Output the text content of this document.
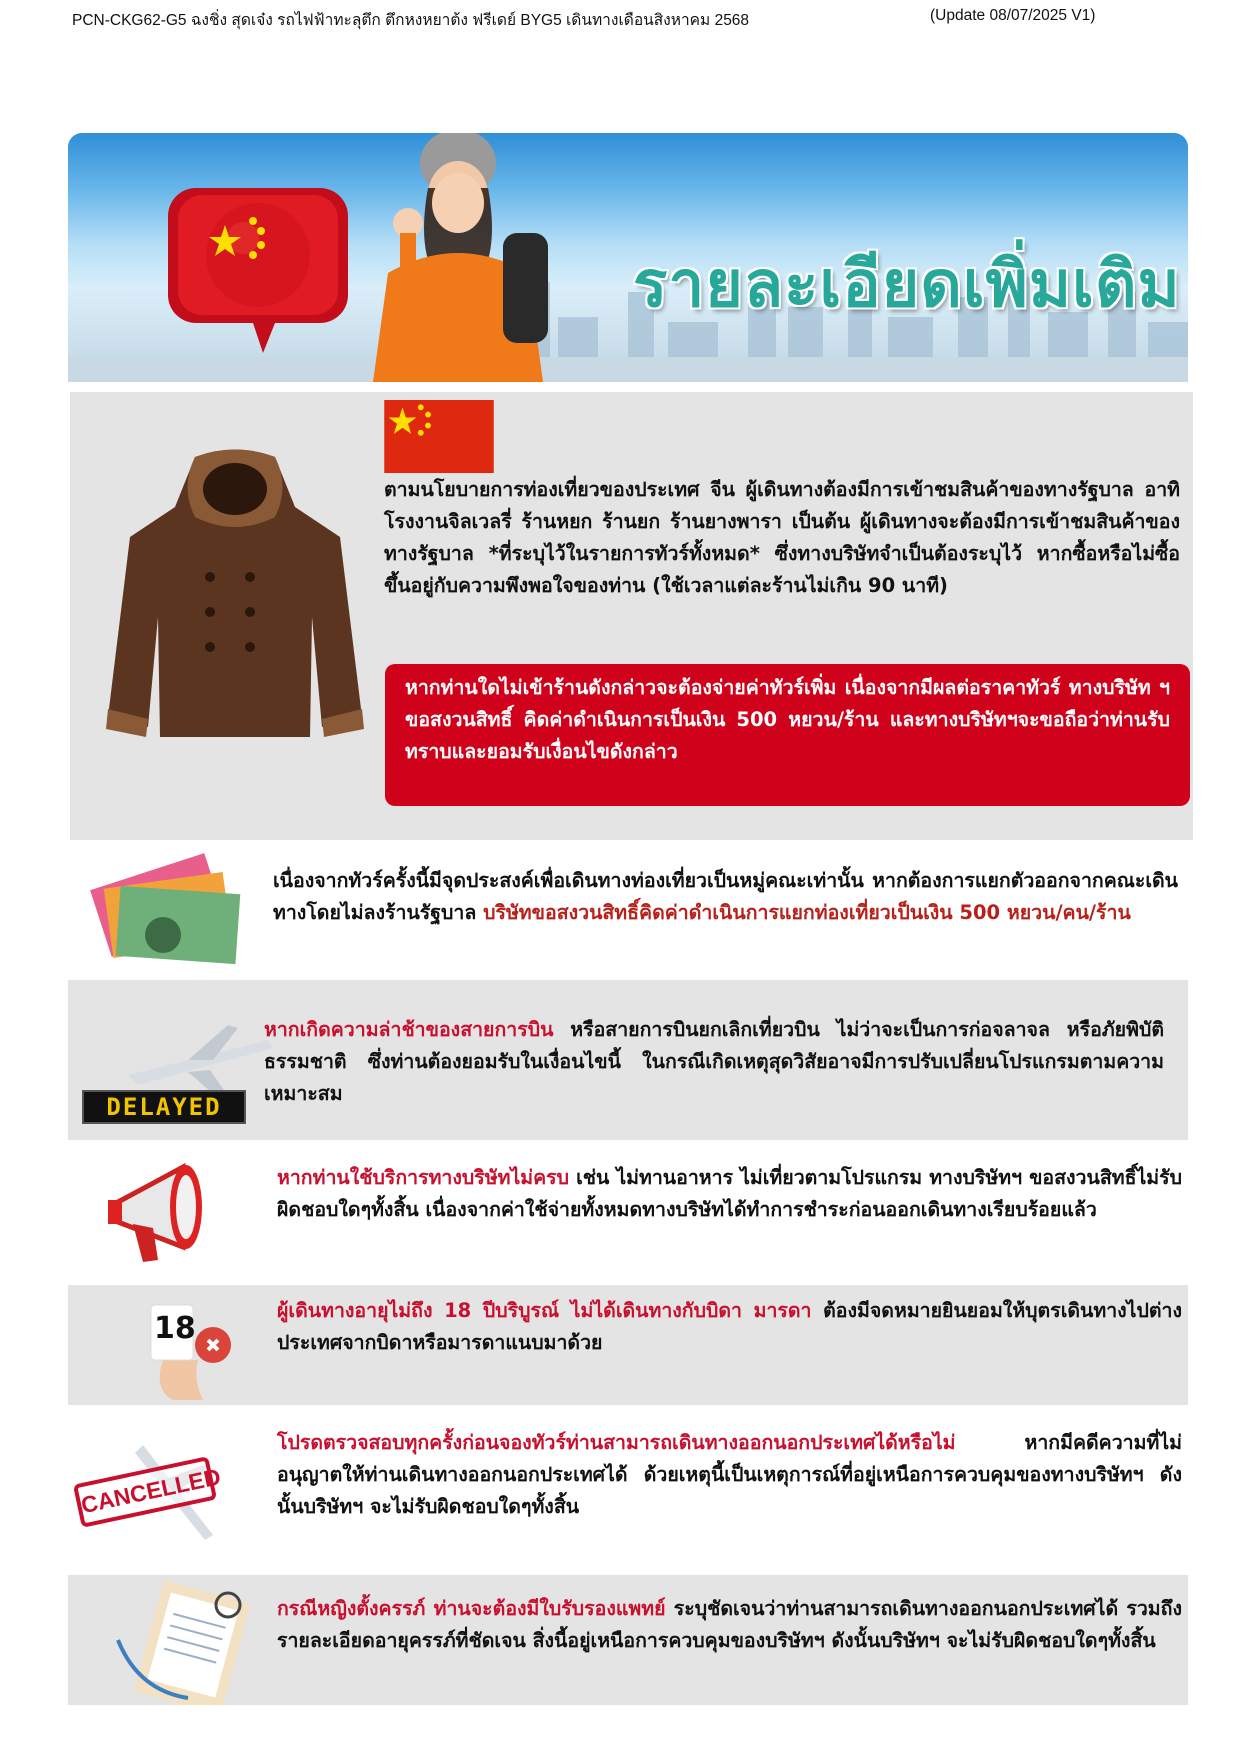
PCN-CKG62-G5 ฉงชิ่ง สุดเจ๋ง รถไฟฟ้าทะลุตึก ตึกหงหยาต้ง ฟรีเดย์ BYG5 เดินทางเดือนสิงหาคม 2568	(Update 08/07/2025 V1)
รายละเอียดเพิ่มเติม
ตามนโยบายการท่องเที่ยวของประเทศ จีน ผู้เดินทางต้องมีการเข้าชมสินค้าของทางรัฐบาล อาทิโรงงานจิลเวลรี่ ร้านหยก ร้านยก ร้านยางพารา เป็นต้น ผู้เดินทางจะต้องมีการเข้าชมสินค้าของทางรัฐบาล *ที่ระบุไว้ในรายการทัวร์ทั้งหมด* ซึ่งทางบริษัทจำเป็นต้องระบุไว้ หากซื้อหรือไม่ซื้อขึ้นอยู่กับความพึงพอใจของท่าน (ใช้เวลาแต่ละร้านไม่เกิน 90 นาที)
หากท่านใดไม่เข้าร้านดังกล่าวจะต้องจ่ายค่าทัวร์เพิ่ม เนื่องจากมีผลต่อราคาทัวร์ ทางบริษัท ฯ ขอสงวนสิทธิ์ คิดค่าดำเนินการเป็นเงิน 500 หยวน/ร้าน และทางบริษัทฯจะขอถือว่าท่านรับทราบและยอมรับเงื่อนไขดังกล่าว
เนื่องจากทัวร์ครั้งนี้มีจุดประสงค์เพื่อเดินทางท่องเที่ยวเป็นหมู่คณะเท่านั้น หากต้องการแยกตัวออกจากคณะเดินทางโดยไม่ลงร้านรัฐบาล บริษัทขอสงวนสิทธิ์คิดค่าดำเนินการแยกท่องเที่ยวเป็นเงิน 500 หยวน/คน/ร้าน
DELAYED
หากเกิดความล่าช้าของสายการบิน หรือสายการบินยกเลิกเที่ยวบิน ไม่ว่าจะเป็นการก่อจลาจล หรือภัยพิบัติธรรมชาติ ซึ่งท่านต้องยอมรับในเงื่อนไขนี้ ในกรณีเกิดเหตุสุดวิสัยอาจมีการปรับเปลี่ยนโปรแกรมตามความเหมาะสม
หากท่านใช้บริการทางบริษัทไม่ครบ เช่น ไม่ทานอาหาร ไม่เที่ยวตามโปรแกรม ทางบริษัทฯ ขอสงวนสิทธิ์ไม่รับผิดชอบใดๆทั้งสิ้น เนื่องจากค่าใช้จ่ายทั้งหมดทางบริษัทได้ทำการชำระก่อนออกเดินทางเรียบร้อยแล้ว
18
ผู้เดินทางอายุไม่ถึง 18 ปีบริบูรณ์ ไม่ได้เดินทางกับบิดา มารดา ต้องมีจดหมายยินยอมให้บุตรเดินทางไปต่างประเทศจากบิดาหรือมารดาแนบมาด้วย
CANCELLED
โปรดตรวจสอบทุกครั้งก่อนจองทัวร์ท่านสามารถเดินทางออกนอกประเทศได้หรือไม่ หากมีคดีความที่ไม่อนุญาตให้ท่านเดินทางออกนอกประเทศได้ ด้วยเหตุนี้เป็นเหตุการณ์ที่อยู่เหนือการควบคุมของทางบริษัทฯ ดังนั้นบริษัทฯ จะไม่รับผิดชอบใดๆทั้งสิ้น
กรณีหญิงตั้งครรภ์ ท่านจะต้องมีใบรับรองแพทย์ ระบุชัดเจนว่าท่านสามารถเดินทางออกนอกประเทศได้ รวมถึงรายละเอียดอายุครรภ์ที่ชัดเจน สิ่งนี้อยู่เหนือการควบคุมของบริษัทฯ ดังนั้นบริษัทฯ จะไม่รับผิดชอบใดๆทั้งสิ้น
